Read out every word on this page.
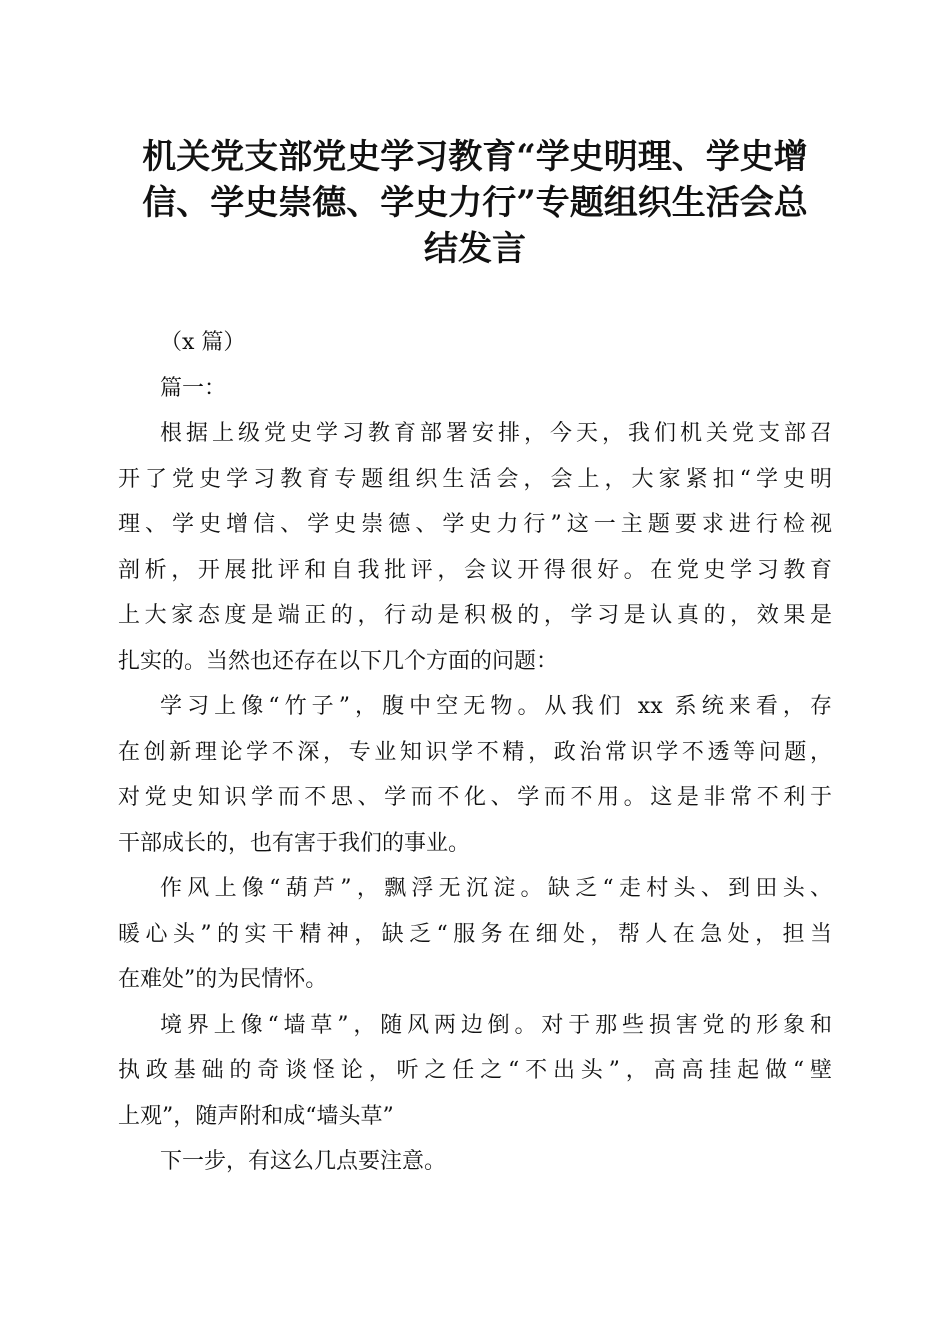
机关党支部党史学习教育“学史明理、学史增
信、学史崇德、学史力行”专题组织生活会总
结发言
（x 篇）
篇一：
根据上级党史学习教育部署安排，今天，我们机关党支部召
开了党史学习教育专题组织生活会，会上，大家紧扣“学史明
理、学史增信、学史崇德、学史力行”这一主题要求进行检视
剖析，开展批评和自我批评，会议开得很好。在党史学习教育
上大家态度是端正的，行动是积极的，学习是认真的，效果是
扎实的。当然也还存在以下几个方面的问题：
学习上像“竹子”，腹中空无物。从我们 xx 系统来看，存
在创新理论学不深，专业知识学不精，政治常识学不透等问题，
对党史知识学而不思、学而不化、学而不用。这是非常不利于
干部成长的，也有害于我们的事业。
作风上像“葫芦”，飘浮无沉淀。缺乏“走村头、到田头、
暖心头”的实干精神，缺乏“服务在细处，帮人在急处，担当
在难处”的为民情怀。
境界上像“墙草”，随风两边倒。对于那些损害党的形象和
执政基础的奇谈怪论，听之任之“不出头”，高高挂起做“壁
上观”，随声附和成“墙头草”
下一步，有这么几点要注意。
